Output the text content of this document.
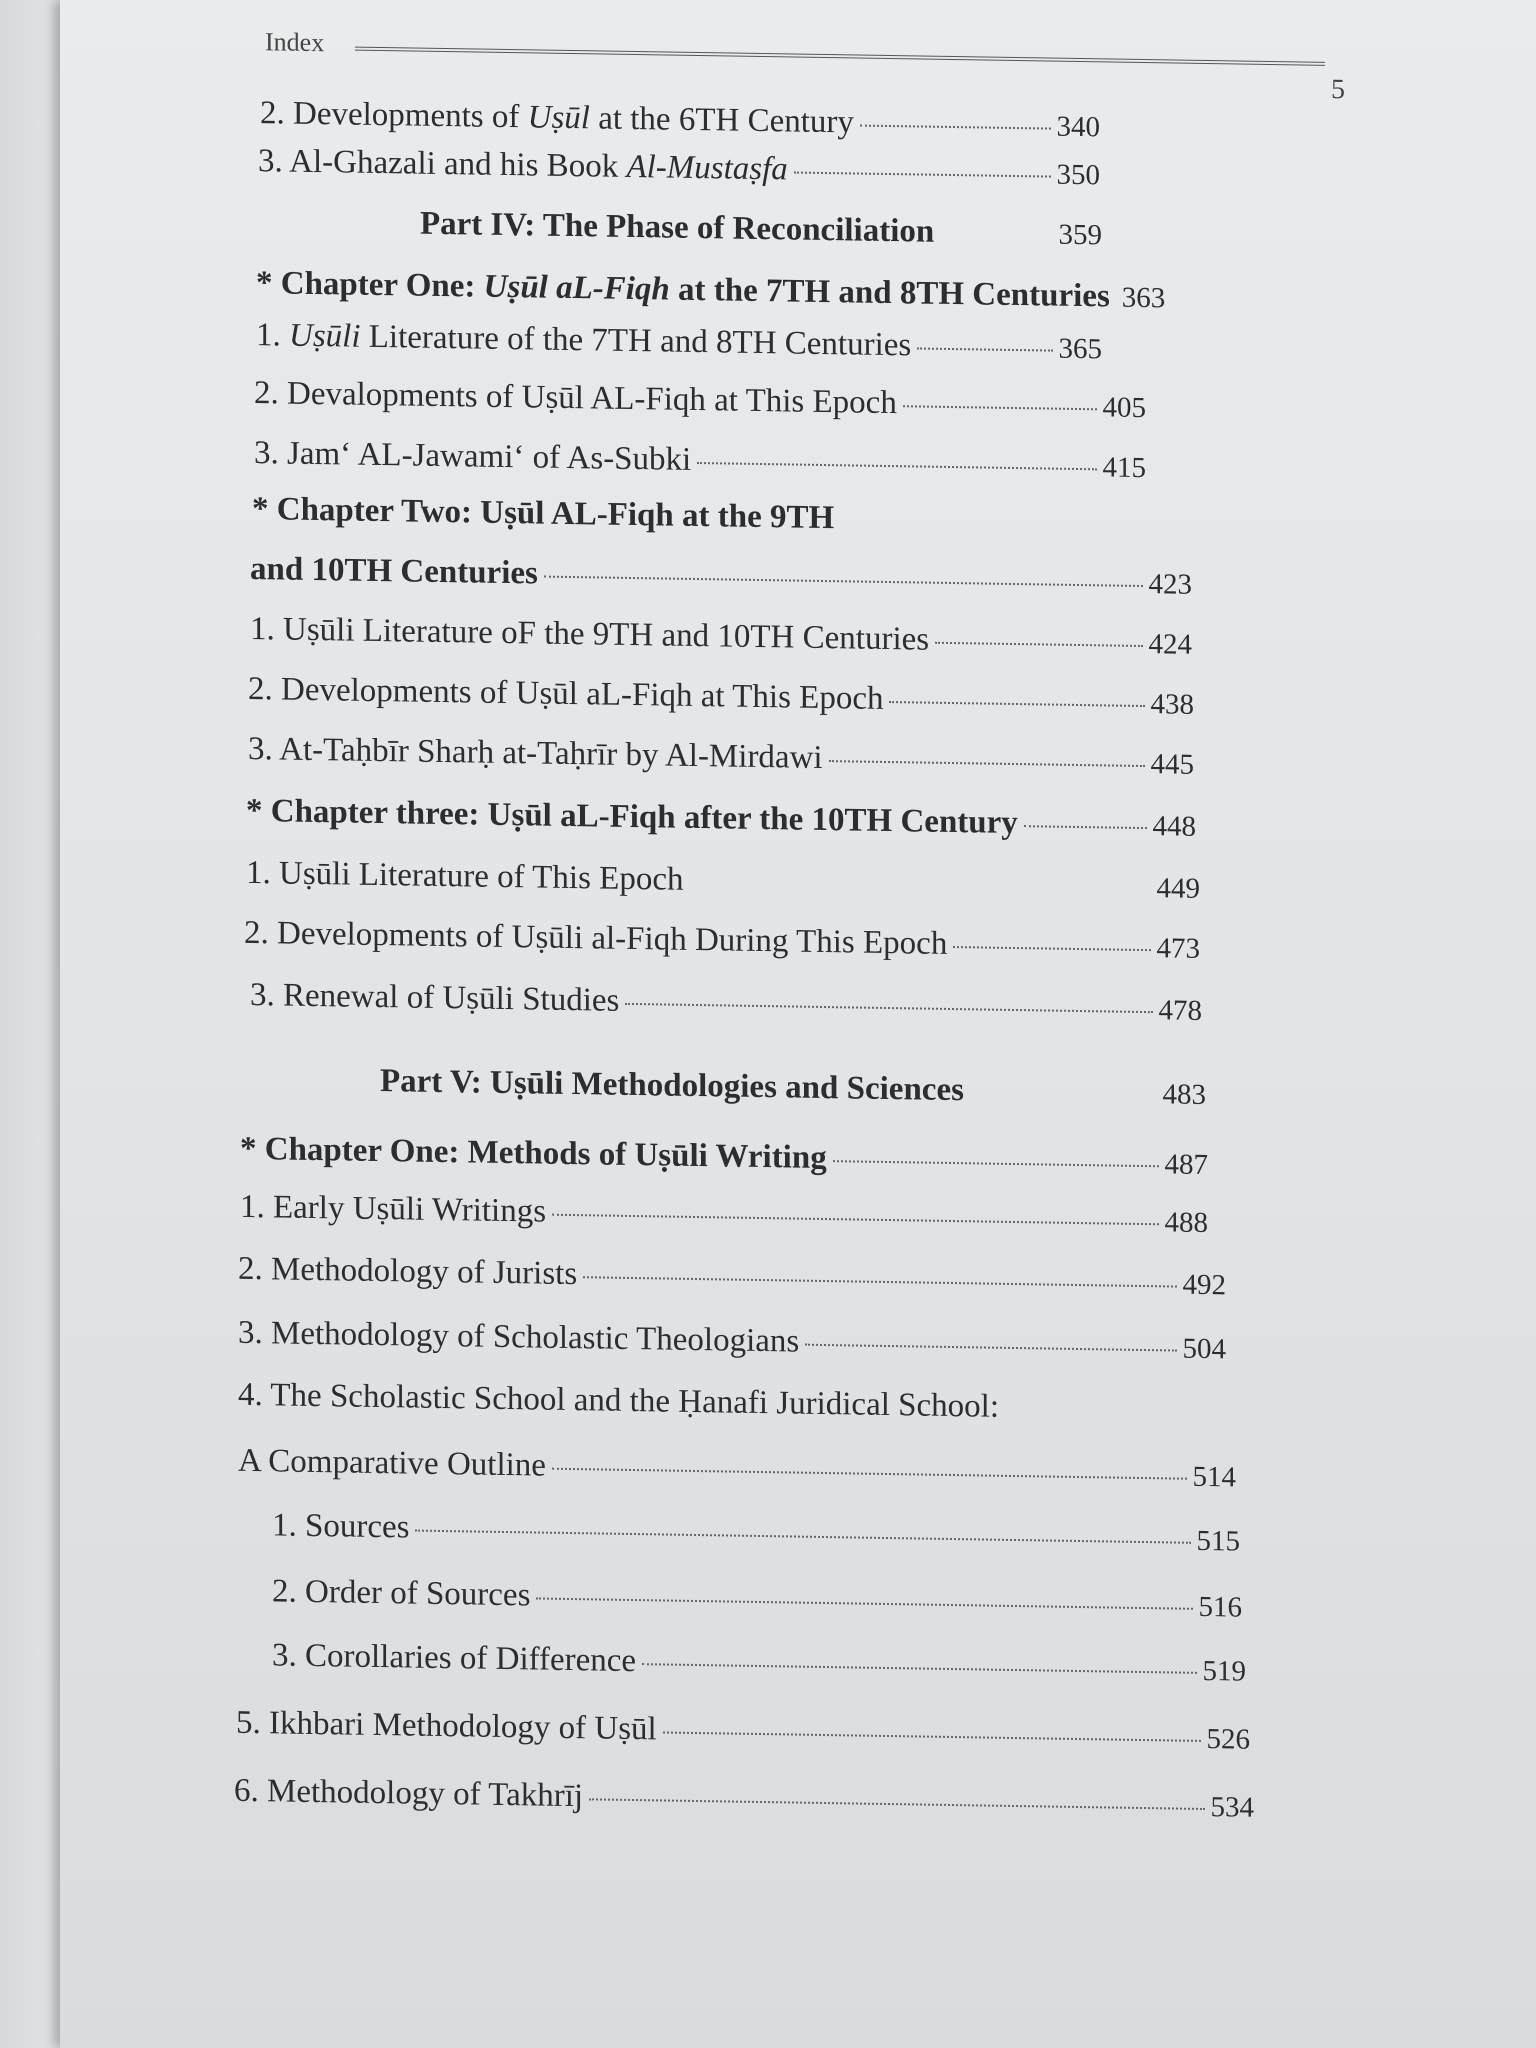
Index
5
2. Developments of Uṣūl at the 6TH Century	340
3. Al-Ghazali and his Book Al-Mustaṣfa	350
Part IV: The Phase of Reconciliation	359
* Chapter One: Uṣūl aL-Fiqh at the 7TH and 8TH Centuries 363
1. Uṣūli Literature of the 7TH and 8TH Centuries	365
2. Devalopments of Uṣūl AL-Fiqh at This Epoch	405
3. Jam‘ AL-Jawami‘ of As-Subki	415
* Chapter Two: Uṣūl AL-Fiqh at the 9TH
and 10TH Centuries	423
1. Uṣūli Literature oF the 9TH and 10TH Centuries	424
2. Developments of Uṣūl aL-Fiqh at This Epoch	438
3. At-Taḥbīr Sharḥ at-Taḥrīr by Al-Mirdawi	445
* Chapter three: Uṣūl aL-Fiqh after the 10TH Century	448
1. Uṣūli Literature of This Epoch	449
2. Developments of Uṣūli al-Fiqh During This Epoch	473
3. Renewal of Uṣūli Studies	478
Part V: Uṣūli Methodologies and Sciences	483
* Chapter One: Methods of Uṣūli Writing	487
1. Early Uṣūli Writings	488
2. Methodology of Jurists	492
3. Methodology of Scholastic Theologians	504
4. The Scholastic School and the Ḥanafi Juridical School:
A Comparative Outline	514
1. Sources	515
2. Order of Sources	516
3. Corollaries of Difference	519
5. Ikhbari Methodology of Uṣūl	526
6. Methodology of Takhrīj	534
